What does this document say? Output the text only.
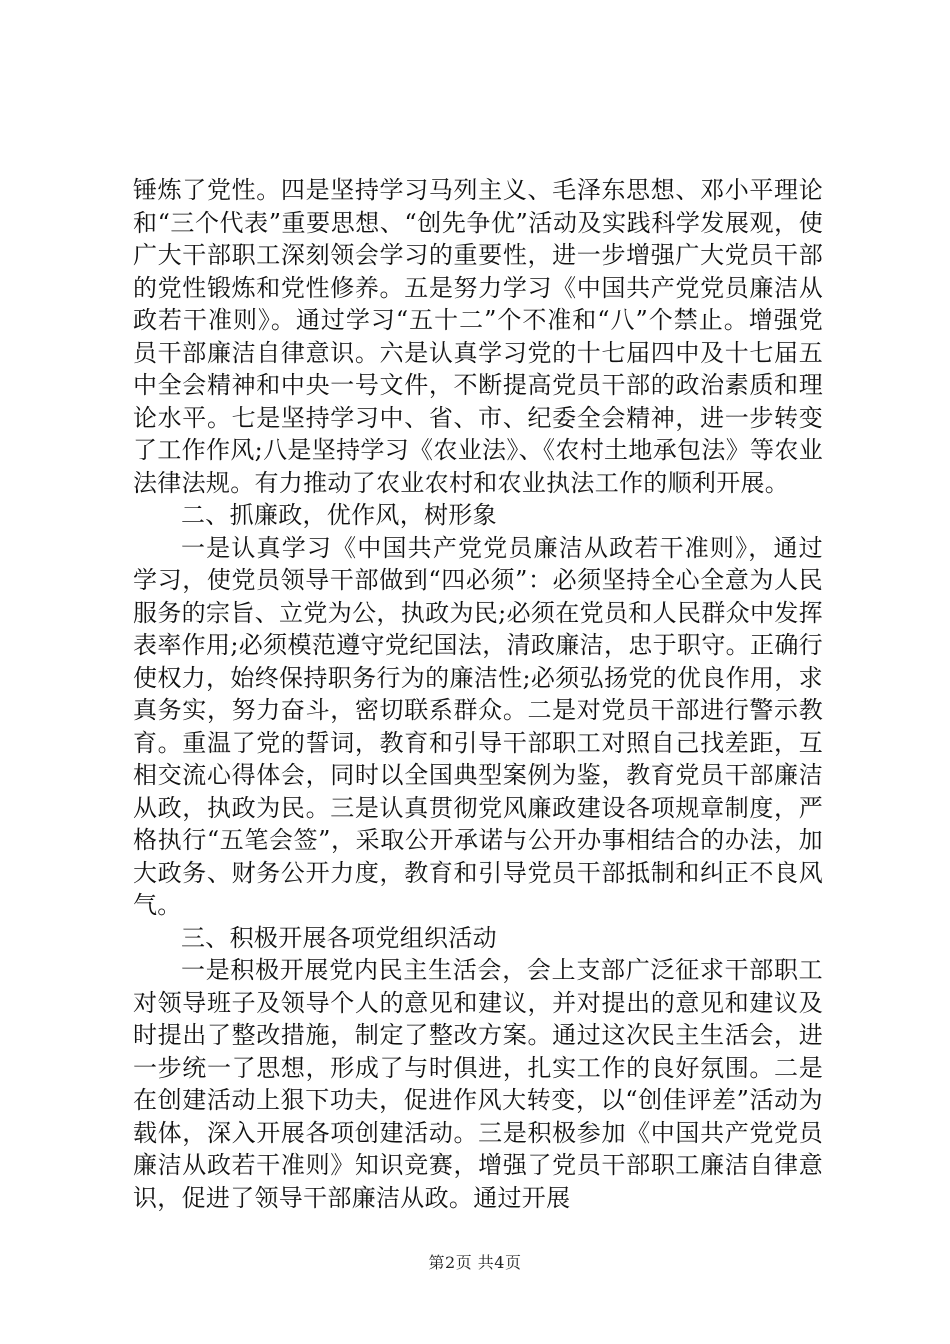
锤炼了党性。四是坚持学习马列主义、毛泽东思想、邓小平理论和“三个代表”重要思想、“创先争优”活动及实践科学发展观，使广大干部职工深刻领会学习的重要性，进一步增强广大党员干部的党性锻炼和党性修养。五是努力学习《中国共产党党员廉洁从政若干准则》。通过学习“五十二”个不准和“八”个禁止。增强党员干部廉洁自律意识。六是认真学习党的十七届四中及十七届五中全会精神和中央一号文件，不断提高党员干部的政治素质和理论水平。七是坚持学习中、省、市、纪委全会精神，进一步转变了工作作风;八是坚持学习《农业法》、《农村土地承包法》等农业法律法规。有力推动了农业农村和农业执法工作的顺利开展。

二、抓廉政，优作风，树形象

一是认真学习《中国共产党党员廉洁从政若干准则》，通过学习，使党员领导干部做到“四必须”：必须坚持全心全意为人民服务的宗旨、立党为公，执政为民;必须在党员和人民群众中发挥表率作用;必须模范遵守党纪国法，清政廉洁，忠于职守。正确行使权力，始终保持职务行为的廉洁性;必须弘扬党的优良作用，求真务实，努力奋斗，密切联系群众。二是对党员干部进行警示教育。重温了党的誓词，教育和引导干部职工对照自己找差距，互相交流心得体会，同时以全国典型案例为鉴，教育党员干部廉洁从政，执政为民。三是认真贯彻党风廉政建设各项规章制度，严格执行“五笔会签”，采取公开承诺与公开办事相结合的办法，加大政务、财务公开力度，教育和引导党员干部抵制和纠正不良风气。

三、积极开展各项党组织活动

一是积极开展党内民主生活会，会上支部广泛征求干部职工对领导班子及领导个人的意见和建议，并对提出的意见和建议及时提出了整改措施，制定了整改方案。通过这次民主生活会，进一步统一了思想，形成了与时俱进，扎实工作的良好氛围。二是在创建活动上狠下功夫，促进作风大转变，以“创佳评差”活动为载体，深入开展各项创建活动。三是积极参加《中国共产党党员廉洁从政若干准则》知识竞赛，增强了党员干部职工廉洁自律意识，促进了领导干部廉洁从政。通过开展

第2页 共4页
